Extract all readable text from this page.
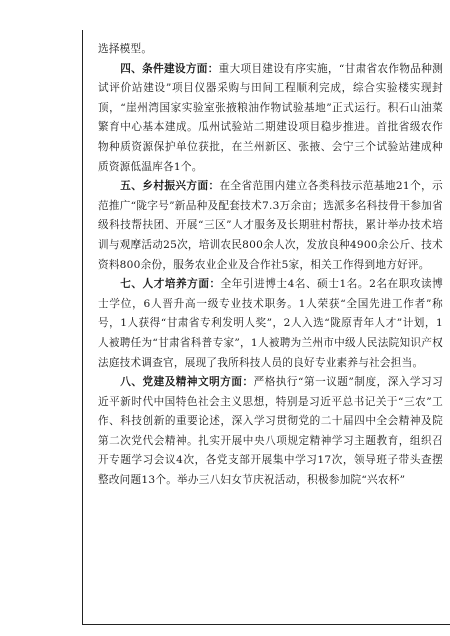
选择模型。

四、条件建设方面：重大项目建设有序实施，“甘肃省农作物品种测试评价站建设”项目仪器采购与田间工程顺利完成，综合实验楼实现封顶，“崖州湾国家实验室张掖粮油作物试验基地”正式运行。积石山油菜繁育中心基本建成。瓜州试验站二期建设项目稳步推进。首批省级农作物种质资源保护单位获批，在兰州新区、张掖、会宁三个试验站建成种质资源低温库各1个。

五、乡村振兴方面：在全省范围内建立各类科技示范基地21个，示范推广“陇字号”新品种及配套技术7.3万余亩；选派多名科技骨干参加省级科技帮扶团、开展“三区”人才服务及长期驻村帮扶，累计举办技术培训与观摩活动25次，培训农民800余人次，发放良种4900余公斤、技术资料800余份，服务农业企业及合作社5家，相关工作得到地方好评。

七、人才培养方面：全年引进博士4名、硕士1名。2名在职攻读博士学位，6人晋升高一级专业技术职务。1人荣获“全国先进工作者”称号，1人获得“甘肃省专利发明人奖”，2人入选“陇原青年人才”计划，1人被聘任为“甘肃省科普专家”，1人被聘为兰州市中级人民法院知识产权法庭技术调查官，展现了我所科技人员的良好专业素养与社会担当。

八、党建及精神文明方面：严格执行“第一议题”制度，深入学习习近平新时代中国特色社会主义思想，特别是习近平总书记关于“三农”工作、科技创新的重要论述，深入学习贯彻党的二十届四中全会精神及院第二次党代会精神。扎实开展中央八项规定精神学习主题教育，组织召开专题学习会议4次，各党支部开展集中学习17次，领导班子带头查摆整改问题13个。举办三八妇女节庆祝活动，积极参加院“兴农杯”
